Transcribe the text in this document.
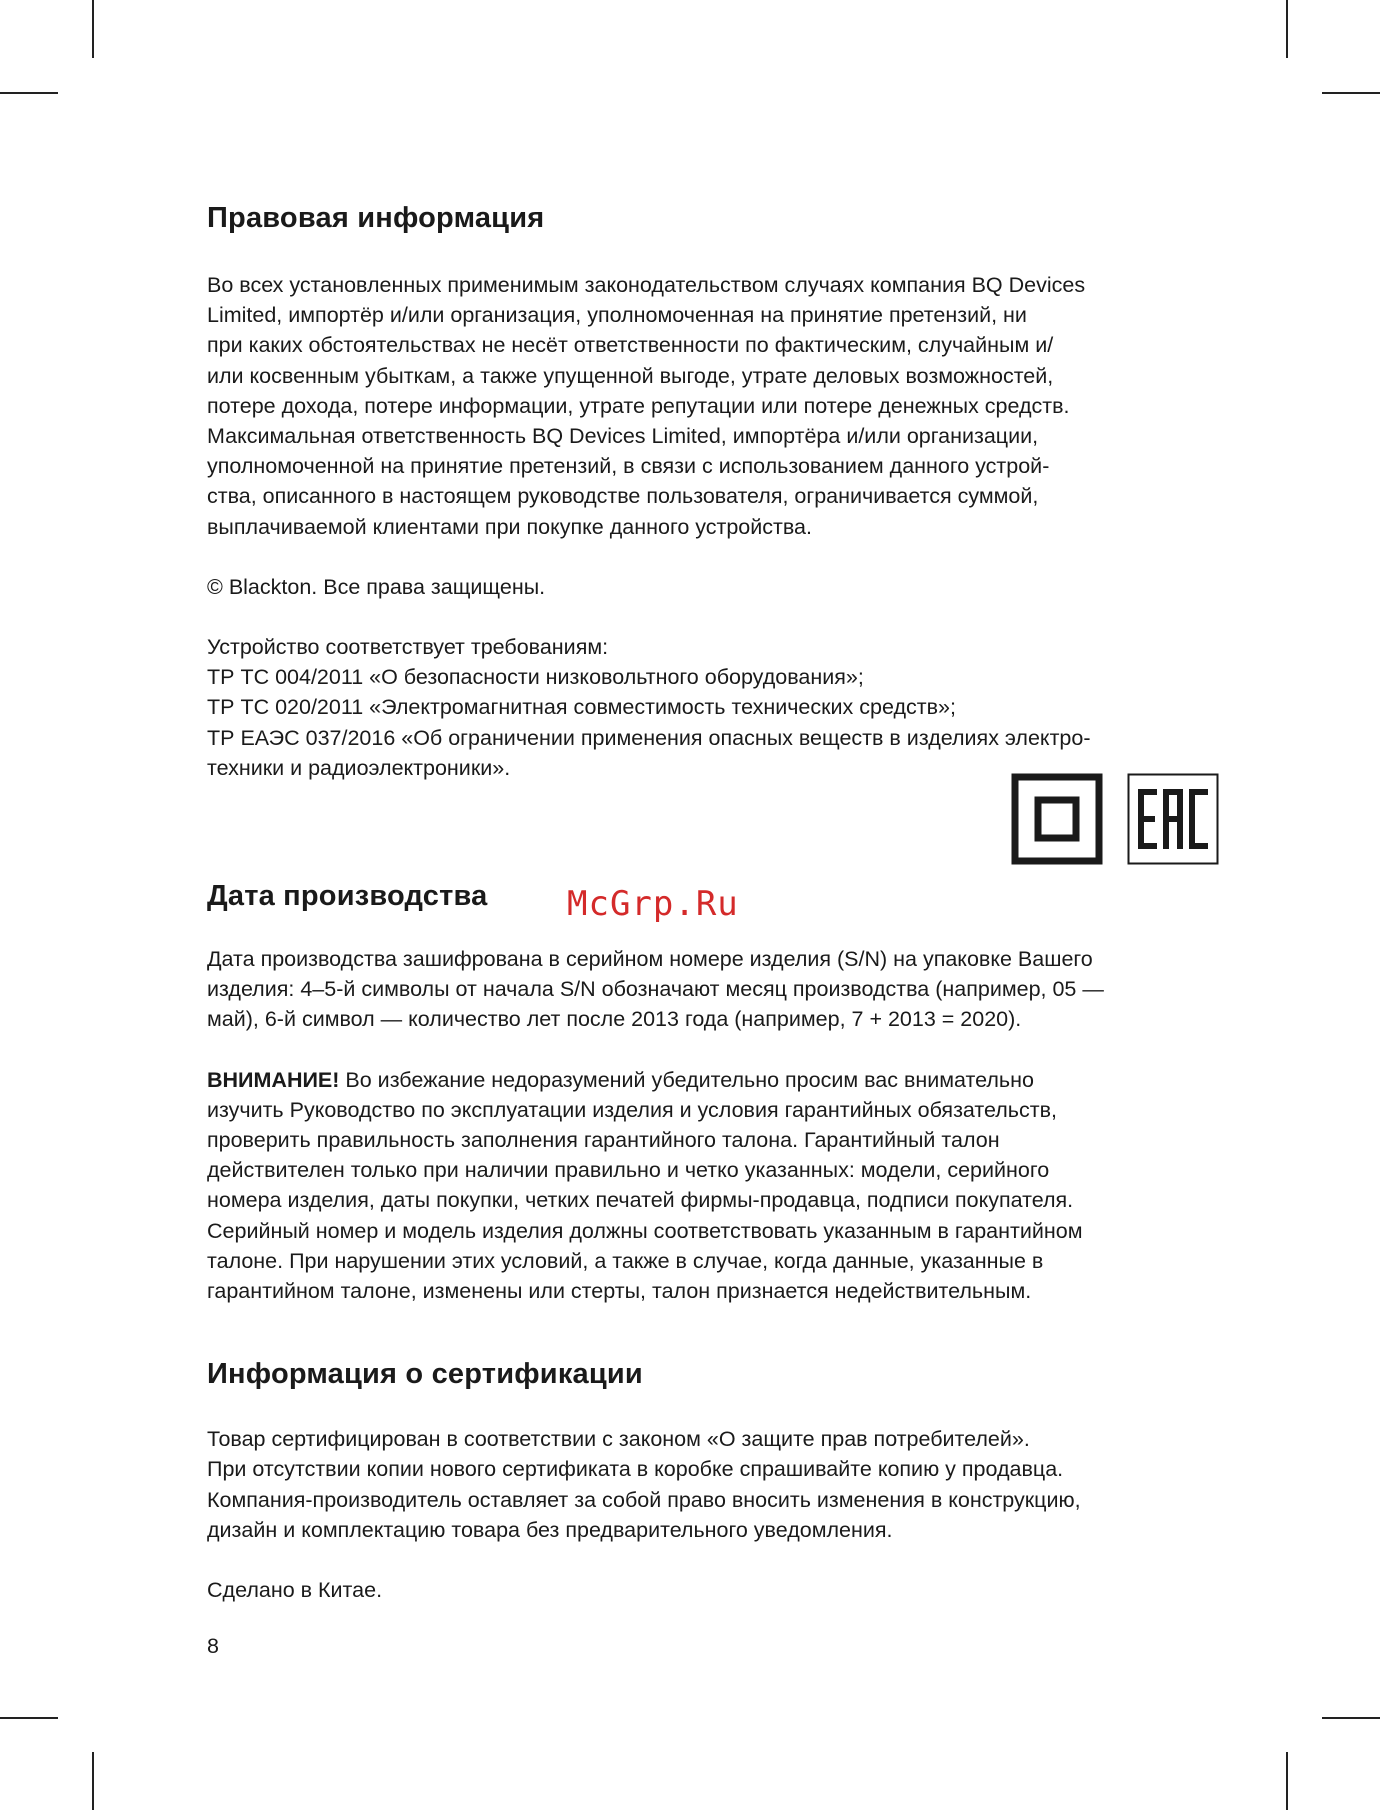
Правовая информация

Во всех установленных применимым законодательством случаях компания BQ Devices
Limited, импортёр и/или организация, уполномоченная на принятие претензий, ни
при каких обстоятельствах не несёт ответственности по фактическим, случайным и/
или косвенным убыткам, а также упущенной выгоде, утрате деловых возможностей,
потере дохода, потере информации, утрате репутации или потере денежных средств.
Максимальная ответственность BQ Devices Limited, импортёра и/или организации,
уполномоченной на принятие претензий, в связи с использованием данного устрой-
ства, описанного в настоящем руководстве пользователя, ограничивается суммой,
выплачиваемой клиентами при покупке данного устройства.

© Blackton. Все права защищены.

Устройство соответствует требованиям:
ТР ТС 004/2011 «О безопасности низковольтного оборудования»;
ТР ТС 020/2011 «Электромагнитная совместимость технических средств»;
ТР ЕАЭС 037/2016 «Об ограничении применения опасных веществ в изделиях электро-
техники и радиоэлектроники».

Дата производства

Дата производства зашифрована в серийном номере изделия (S/N) на упаковке Вашего
изделия: 4–5-й символы от начала S/N обозначают месяц производства (например, 05 —
май), 6-й символ — количество лет после 2013 года (например, 7 + 2013 = 2020).

ВНИМАНИЕ! Во избежание недоразумений убедительно просим вас внимательно
изучить Руководство по эксплуатации изделия и условия гарантийных обязательств,
проверить правильность заполнения гарантийного талона. Гарантийный талон
действителен только при наличии правильно и четко указанных: модели, серийного
номера изделия, даты покупки, четких печатей фирмы-продавца, подписи покупателя.
Серийный номер и модель изделия должны соответствовать указанным в гарантийном
талоне. При нарушении этих условий, а также в случае, когда данные, указанные в
гарантийном талоне, изменены или стерты, талон признается недействительным.

Информация о сертификации

Товар сертифицирован в соответствии с законом «О защите прав потребителей».
При отсутствии копии нового сертификата в коробке спрашивайте копию у продавца.
Компания-производитель оставляет за собой право вносить изменения в конструкцию,
дизайн и комплектацию товара без предварительного уведомления.

Сделано в Китае.

8

McGrp.Ru
